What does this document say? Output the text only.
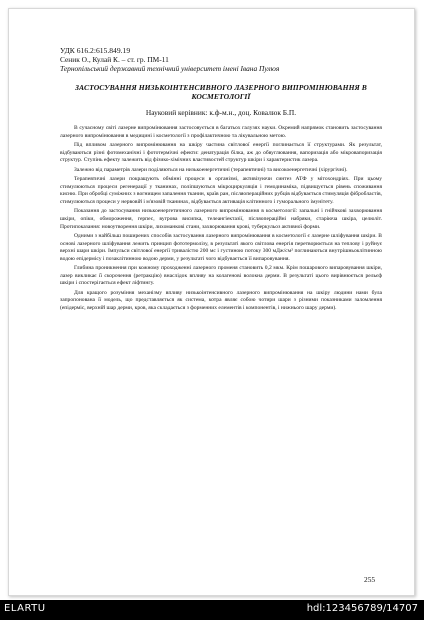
УДК 616.2:615.849.19
Сеник О., Кулай К. – ст. гр. ПМ-11
Тернопільський державний технічний університет імені Івана Пулюя
ЗАСТОСУВАННЯ НИЗЬКОІНТЕНСИВНОГО ЛАЗЕРНОГО ВИПРОМІНЮВАННЯ В КОСМЕТОЛОГІЇ
Науковий керівник: к.ф-м.н., доц. Ковалюк Б.П.

В сучасному світі лазерне випромінювання застосовується в багатьох галузях науки. Окремий напрямок становить застосування лазерного випромінювання в медицині і косметології з профілактичною та лікувальною метою.

Під впливом лазерного випромінювання на шкіру частина світлової енергії поглинається її структурами. Як результат, відбуваються різні фотомеханічні і фототермічні ефекти: денатурація білка, аж до обвуглювання, вапоризація або мікровапоризація структур. Ступінь ефекту залежить від фізико-хімічних властивостей структур шкіри і характеристик лазера.

Залежно від параметрів лазери поділяються на низькоенергетичні (терапевтичні) та високоенергетичні (хірургічні).

Терапевтичні лазери покращують обмінні процеси в організмі, активізуючи синтез АТФ у мітохондріях. При цьому стимулюються процеси регенерації у тканинах, поліпшуються мікроциркуляція і гемодинаміка, підвищується рівень споживання кисню. При обробці суміжних з вогнищем запалення тканин, країв ран, післяопераційних рубців відбувається стимуляція фібробластів, стимулюються процеси у нервовій і м'язовій тканинах, відбувається активація клітинного і гуморального імунітету.

Показання до застосування низькоенергетичного лазерного випромінювання в косметології: запальні і гнійчкові захворювання шкіри, опіки, обмороження, герпес, вугрова висипка, телеангіектазії, післяопераційні набряки, старіюча шкіра, целюліт. Протипоказання: новоутворення шкіри, лихоманкові стани, захворювання крові, туберкульоз активної форми.

Одними з найбільш поширених способів застосування лазерного випромінювання в косметології є лазерне шліфування шкіри. В основі лазерного шліфування лежить принцип фототермолізу, в результаті якого світлова енергія перетворюється на теплову і руйнує верхні шари шкіри. Імпульси світлової енергії тривалістю 200 мс і густиною потоку 300 мДж/см² поглинаються внутрішньоклітинною водою епідермісу і позаклітинною водою дерми, у результаті чого відбувається її випаровування.

Глибина проникнення при кожному проходженні лазерного променя становить 0,2 мкм. Крім пошарового випаровування шкіри, лазер викликає її скорочення (ретракцію) внаслідок впливу на колагенові волокна дерми. В результаті цього вирівнюється рельєф шкіри і спостерігається ефект ліфтингу.

Для кращого розуміння механізму впливу низькоінтенсивного лазерного випромінювання на шкіру людини нами була запропонована її модель, що представляється як система, котра являє собою чотири шари з різними показниками заломлення (епідерміс, верхній шар дерми, кров, яка складається з форменних елементів і компонентів, і нижнього шару дерми).

255
ELARTU	hdl:123456789/14707
